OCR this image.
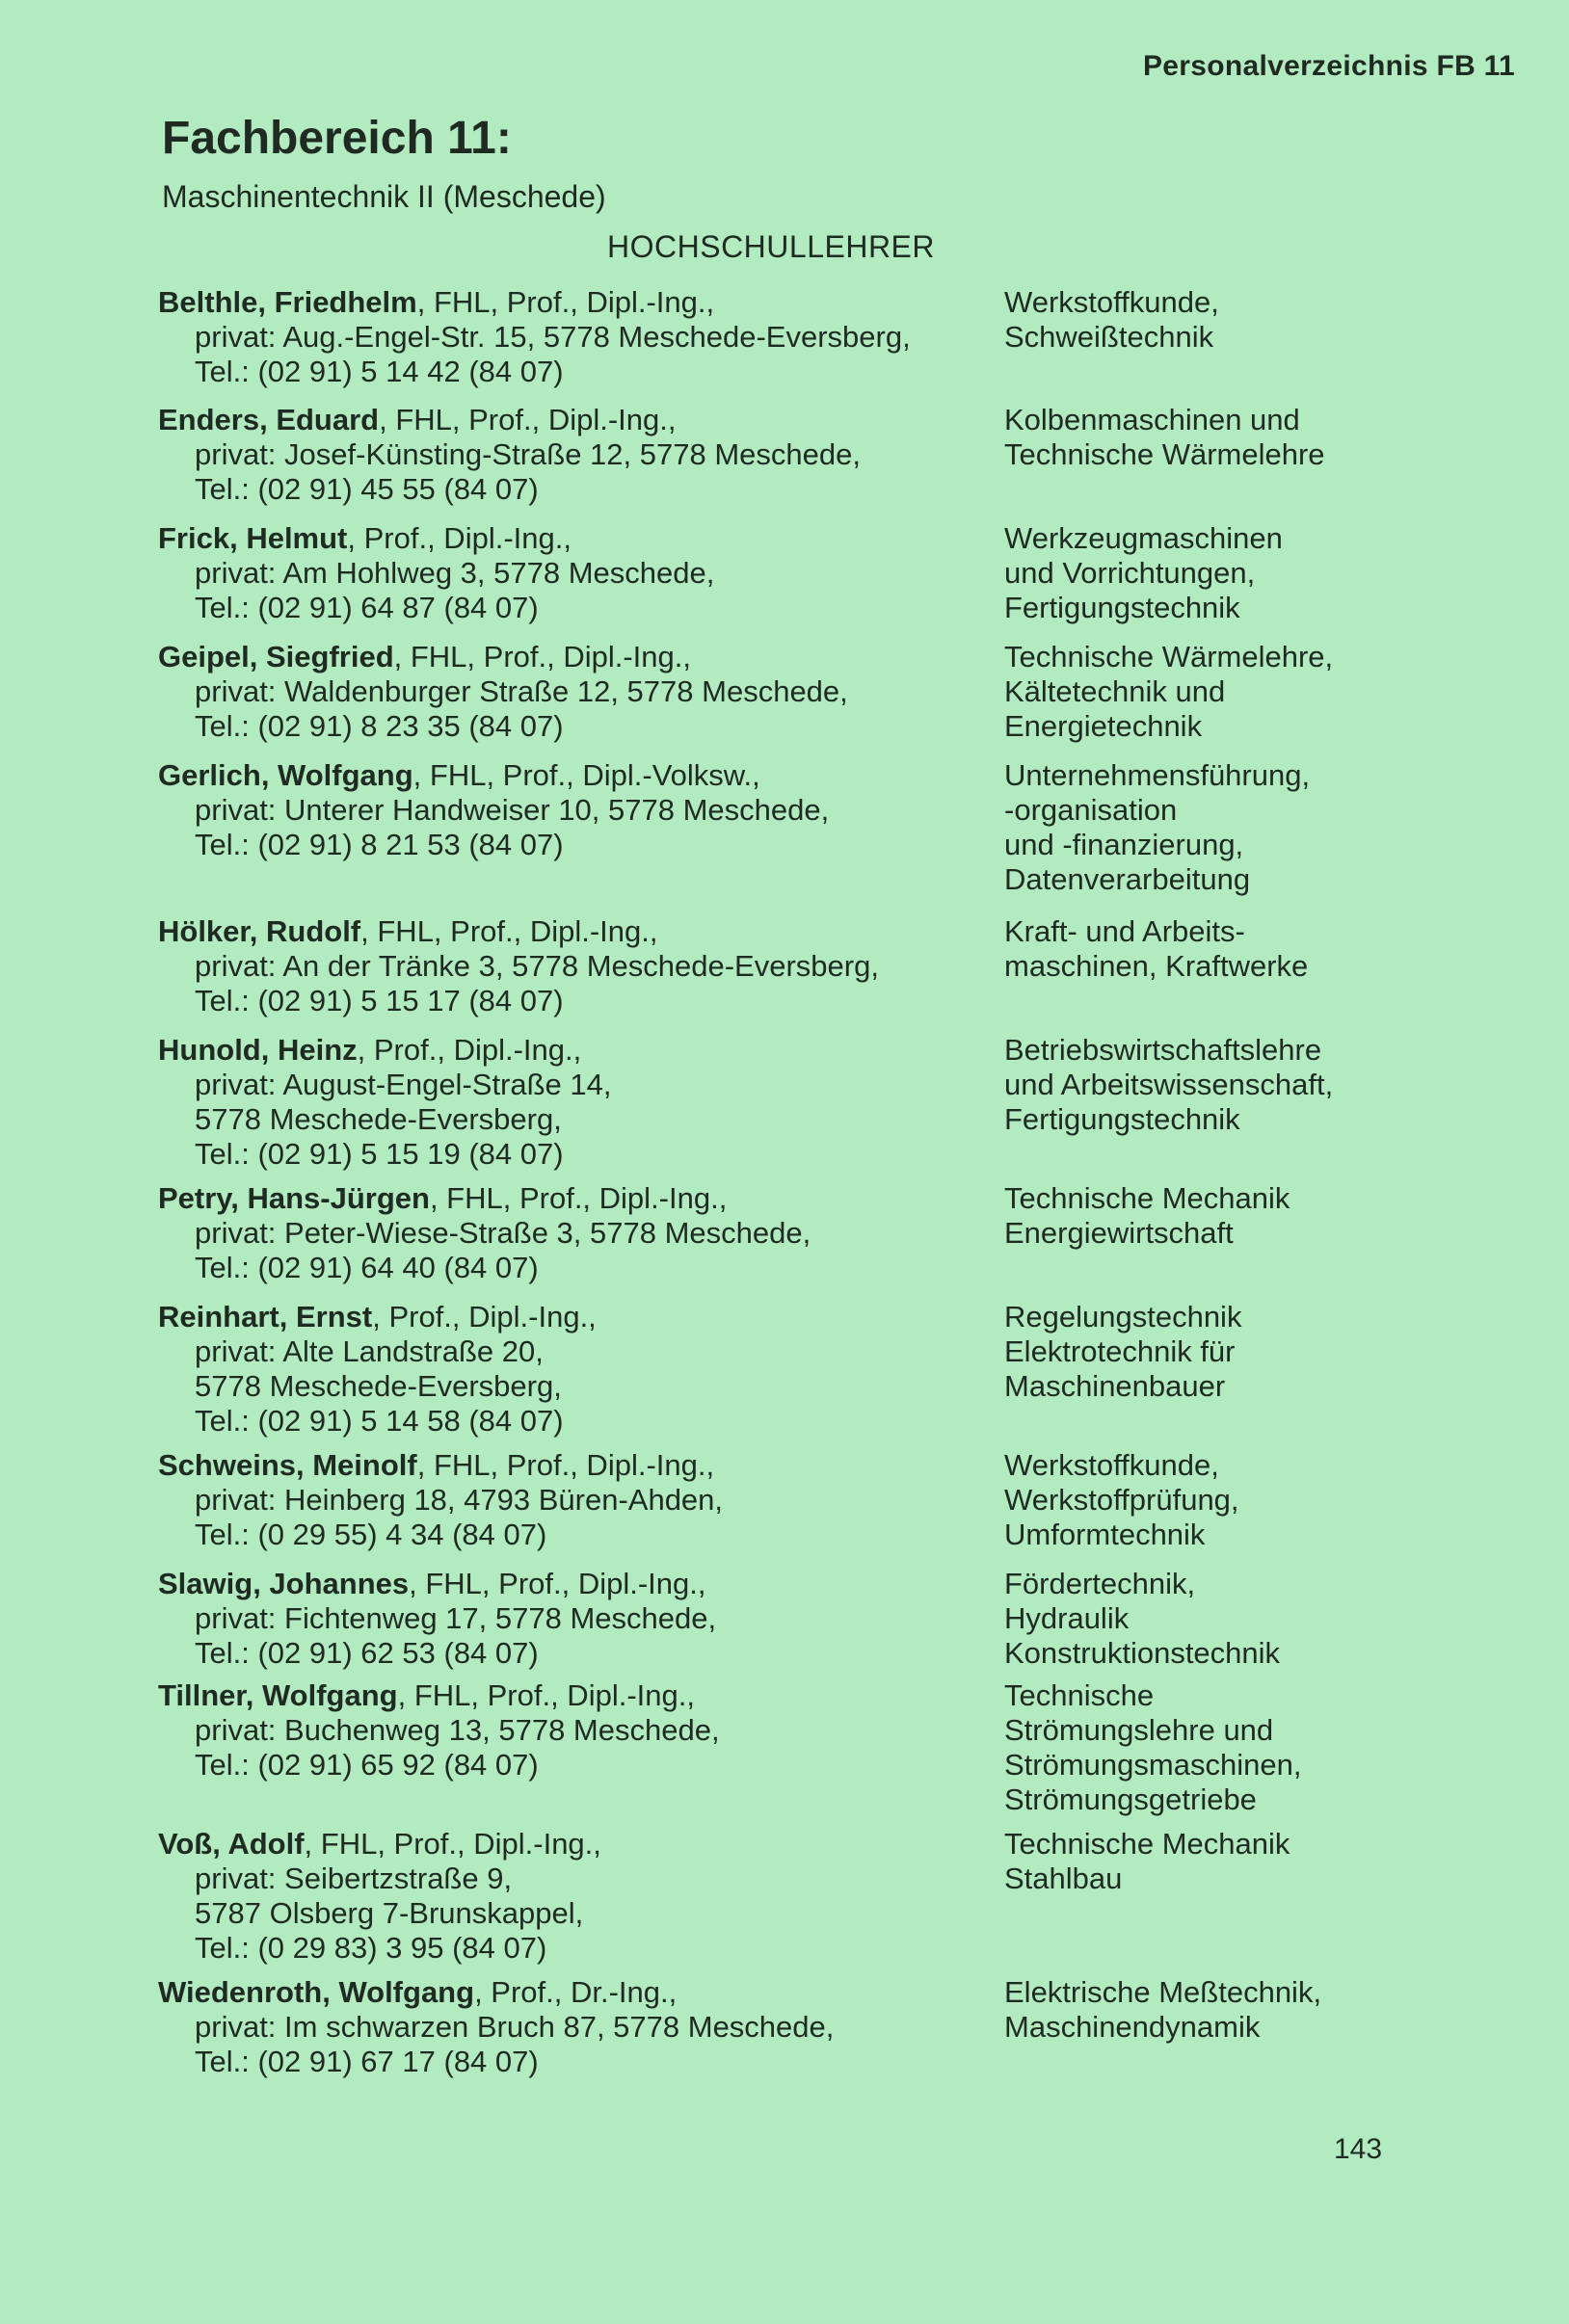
Personalverzeichnis FB 11
Fachbereich 11:
Maschinentechnik II (Meschede)
HOCHSCHULLEHRER
Belthle, Friedhelm, FHL, Prof., Dipl.-Ing.,
privat: Aug.-Engel-Str. 15, 5778 Meschede-Eversberg,
Tel.: (02 91) 5 14 42 (84 07)
Werkstoffkunde,
Schweißtechnik
Enders, Eduard, FHL, Prof., Dipl.-Ing.,
privat: Josef-Künsting-Straße 12, 5778 Meschede,
Tel.: (02 91) 45 55 (84 07)
Kolbenmaschinen und
Technische Wärmelehre
Frick, Helmut, Prof., Dipl.-Ing.,
privat: Am Hohlweg 3, 5778 Meschede,
Tel.: (02 91) 64 87 (84 07)
Werkzeugmaschinen
und Vorrichtungen,
Fertigungstechnik
Geipel, Siegfried, FHL, Prof., Dipl.-Ing.,
privat: Waldenburger Straße 12, 5778 Meschede,
Tel.: (02 91) 8 23 35 (84 07)
Technische Wärmelehre,
Kältetechnik und
Energietechnik
Gerlich, Wolfgang, FHL, Prof., Dipl.-Volksw.,
privat: Unterer Handweiser 10, 5778 Meschede,
Tel.: (02 91) 8 21 53 (84 07)
Unternehmensführung,
-organisation
und -finanzierung,
Datenverarbeitung
Hölker, Rudolf, FHL, Prof., Dipl.-Ing.,
privat: An der Tränke 3, 5778 Meschede-Eversberg,
Tel.: (02 91) 5 15 17 (84 07)
Kraft- und Arbeits-
maschinen, Kraftwerke
Hunold, Heinz, Prof., Dipl.-Ing.,
privat: August-Engel-Straße 14,
5778 Meschede-Eversberg,
Tel.: (02 91) 5 15 19 (84 07)
Betriebswirtschaftslehre
und Arbeitswissenschaft,
Fertigungstechnik
Petry, Hans-Jürgen, FHL, Prof., Dipl.-Ing.,
privat: Peter-Wiese-Straße 3, 5778 Meschede,
Tel.: (02 91) 64 40 (84 07)
Technische Mechanik
Energiewirtschaft
Reinhart, Ernst, Prof., Dipl.-Ing.,
privat: Alte Landstraße 20,
5778 Meschede-Eversberg,
Tel.: (02 91) 5 14 58 (84 07)
Regelungstechnik
Elektrotechnik für
Maschinenbauer
Schweins, Meinolf, FHL, Prof., Dipl.-Ing.,
privat: Heinberg 18, 4793 Büren-Ahden,
Tel.: (0 29 55) 4 34 (84 07)
Werkstoffkunde,
Werkstoffprüfung,
Umformtechnik
Slawig, Johannes, FHL, Prof., Dipl.-Ing.,
privat: Fichtenweg 17, 5778 Meschede,
Tel.: (02 91) 62 53 (84 07)
Fördertechnik,
Hydraulik
Konstruktionstechnik
Tillner, Wolfgang, FHL, Prof., Dipl.-Ing.,
privat: Buchenweg 13, 5778 Meschede,
Tel.: (02 91) 65 92 (84 07)
Technische
Strömungslehre und
Strömungsmaschinen,
Strömungsgetriebe
Voß, Adolf, FHL, Prof., Dipl.-Ing.,
privat: Seibertzstraße 9,
5787 Olsberg 7-Brunskappel,
Tel.: (0 29 83) 3 95 (84 07)
Technische Mechanik
Stahlbau
Wiedenroth, Wolfgang, Prof., Dr.-Ing.,
privat: Im schwarzen Bruch 87, 5778 Meschede,
Tel.: (02 91) 67 17 (84 07)
Elektrische Meßtechnik,
Maschinendynamik
143
